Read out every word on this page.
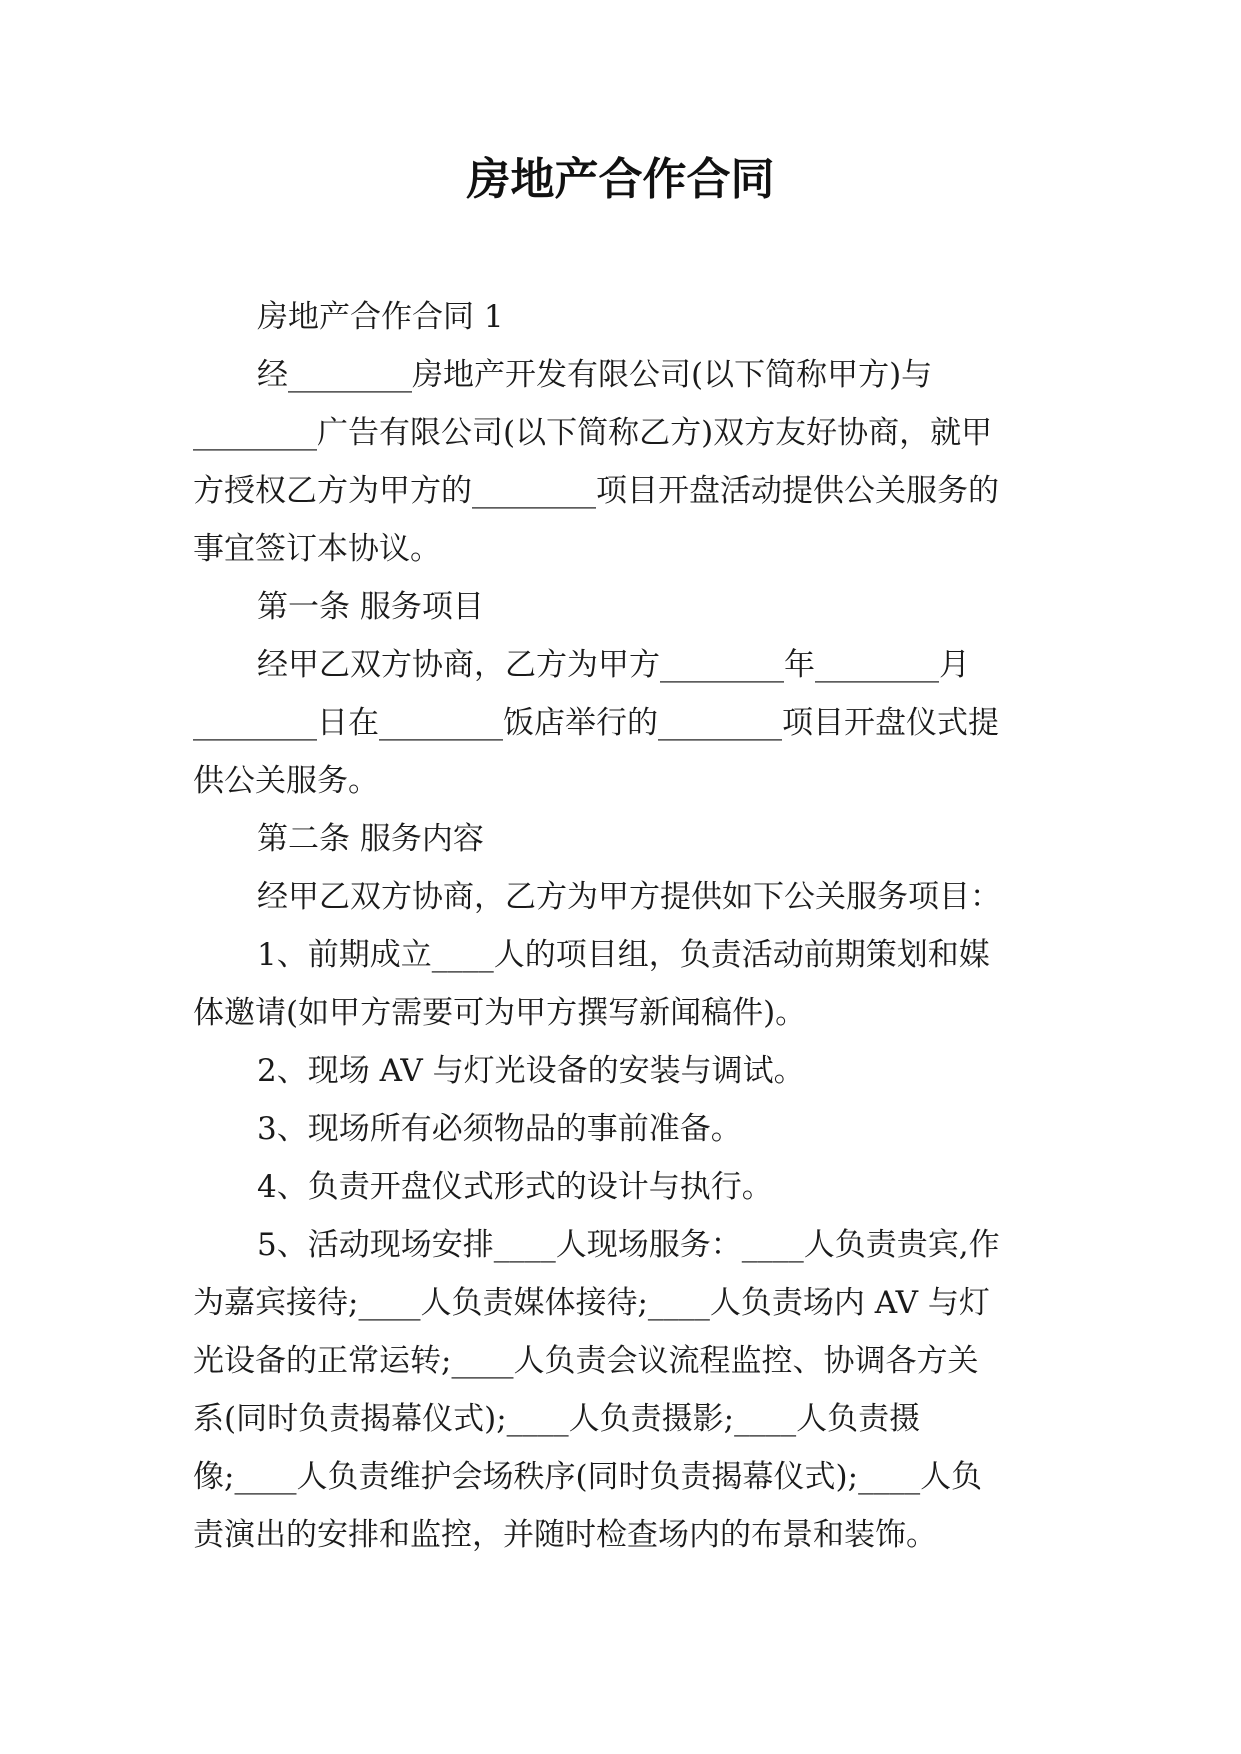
房地产合作合同
房地产合作合同 1
经________房地产开发有限公司(以下简称甲方)与
________广告有限公司(以下简称乙方)双方友好协商，就甲
方授权乙方为甲方的________项目开盘活动提供公关服务的
事宜签订本协议。
第一条 服务项目
经甲乙双方协商，乙方为甲方________年________月
________日在________饭店举行的________项目开盘仪式提
供公关服务。
第二条 服务内容
经甲乙双方协商，乙方为甲方提供如下公关服务项目：
1、前期成立____人的项目组，负责活动前期策划和媒
体邀请(如甲方需要可为甲方撰写新闻稿件)。
2、现场 AV 与灯光设备的安装与调试。
3、现场所有必须物品的事前准备。
4、负责开盘仪式形式的设计与执行。
5、活动现场安排____人现场服务：____人负责贵宾,作
为嘉宾接待;____人负责媒体接待;____人负责场内 AV 与灯
光设备的正常运转;____人负责会议流程监控、协调各方关
系(同时负责揭幕仪式);____人负责摄影;____人负责摄
像;____人负责维护会场秩序(同时负责揭幕仪式);____人负
责演出的安排和监控，并随时检查场内的布景和装饰。
